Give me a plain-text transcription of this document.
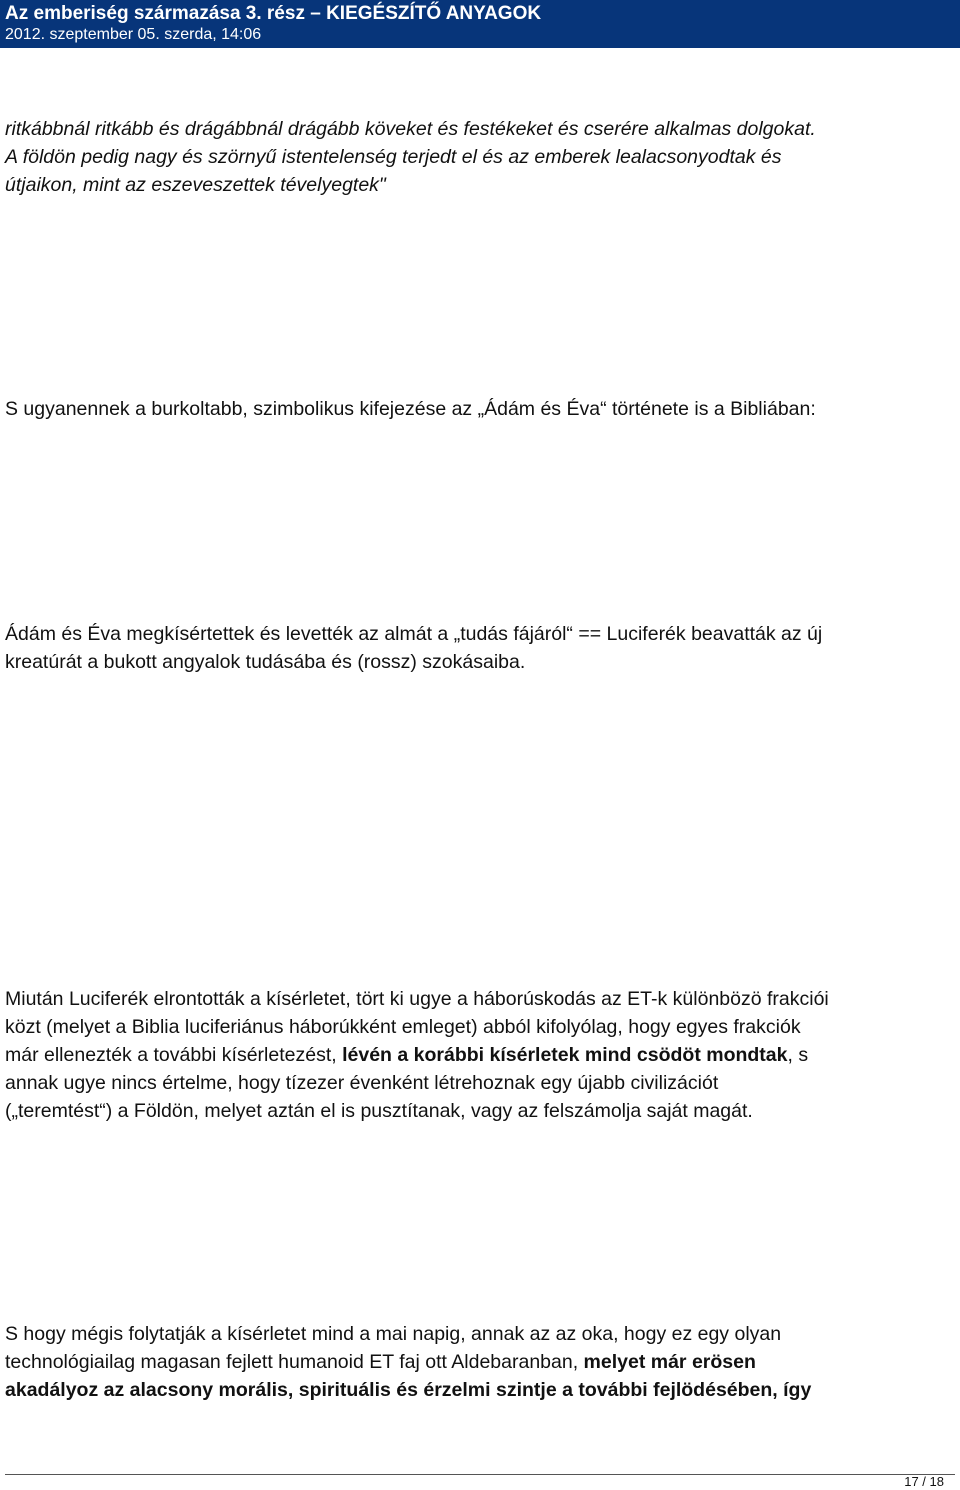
Az emberiség származása 3. rész – KIEGÉSZÍTŐ ANYAGOK
2012. szeptember 05. szerda, 14:06

ritkábbnál ritkább és drágábbnál drágább köveket és festékeket és cserére alkalmas dolgokat.
A földön pedig nagy és szörnyű istentelenség terjedt el és az emberek lealacsonyodtak és
útjaikon, mint az eszeveszettek tévelyegtek"

S ugyanennek a burkoltabb, szimbolikus kifejezése az „Ádám és Éva“ története is a Bibliában:

Ádám és Éva megkísértettek és levették az almát a „tudás fájáról“ == Luciferék beavatták az új
kreatúrát a bukott angyalok tudásába és (rossz) szokásaiba.

Miután Luciferék elrontották a kísérletet, tört ki ugye a háborúskodás az ET-k különbözö frakciói
közt (melyet a Biblia luciferiánus háborúkként emleget) abból kifolyólag, hogy egyes frakciók
már ellenezték a további kísérletezést, lévén a korábbi kísérletek mind csödöt mondtak, s
annak ugye nincs értelme, hogy tízezer évenként létrehoznak egy újabb civilizációt
(„teremtést“) a Földön, melyet aztán el is pusztítanak, vagy az felszámolja saját magát.

S hogy mégis folytatják a kísérletet mind a mai napig, annak az az oka, hogy ez egy olyan
technológiailag magasan fejlett humanoid ET faj ott Aldebaranban, melyet már erösen
akadályoz az alacsony morális, spirituális és érzelmi szintje a további fejlödésében, így

17 / 18
